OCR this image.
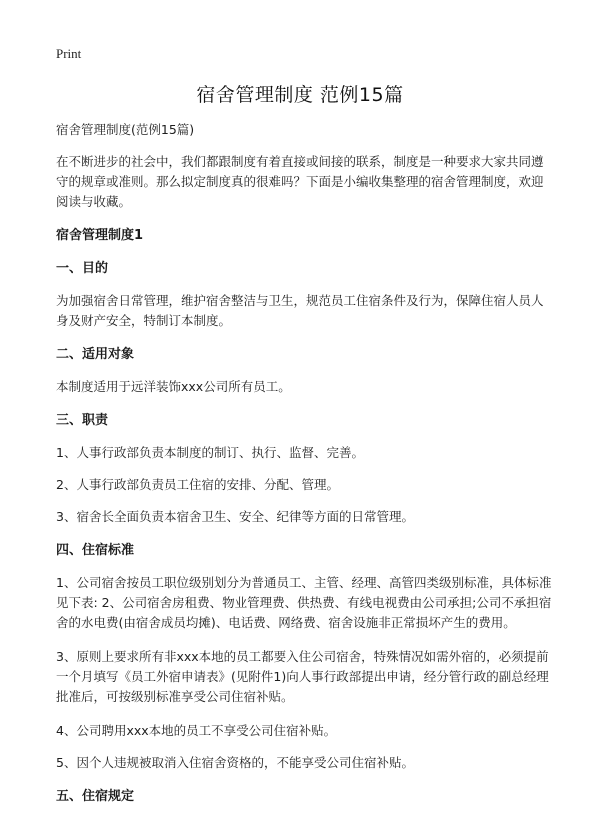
Print
宿舍管理制度 范例15篇

宿舍管理制度(范例15篇)

在不断进步的社会中，我们都跟制度有着直接或间接的联系，制度是一种要求大家共同遵守的规章或准则。那么拟定制度真的很难吗？下面是小编收集整理的宿舍管理制度，欢迎阅读与收藏。

宿舍管理制度1

一、目的

为加强宿舍日常管理，维护宿舍整洁与卫生，规范员工住宿条件及行为，保障住宿人员人身及财产安全，特制订本制度。

二、适用对象

本制度适用于远洋装饰xxx公司所有员工。

三、职责

1、人事行政部负责本制度的制订、执行、监督、完善。

2、人事行政部负责员工住宿的安排、分配、管理。

3、宿舍长全面负责本宿舍卫生、安全、纪律等方面的日常管理。

四、住宿标准

1、公司宿舍按员工职位级别划分为普通员工、主管、经理、高管四类级别标准，具体标准见下表: 2、公司宿舍房租费、物业管理费、供热费、有线电视费由公司承担;公司不承担宿舍的水电费(由宿舍成员均摊)、电话费、网络费、宿舍设施非正常损坏产生的费用。

3、原则上要求所有非xxx本地的员工都要入住公司宿舍，特殊情况如需外宿的，必须提前一个月填写《员工外宿申请表》(见附件1)向人事行政部提出申请，经分管行政的副总经理批准后，可按级别标准享受公司住宿补贴。

4、公司聘用xxx本地的员工不享受公司住宿补贴。

5、因个人违规被取消入住宿舍资格的，不能享受公司住宿补贴。

五、住宿规定
